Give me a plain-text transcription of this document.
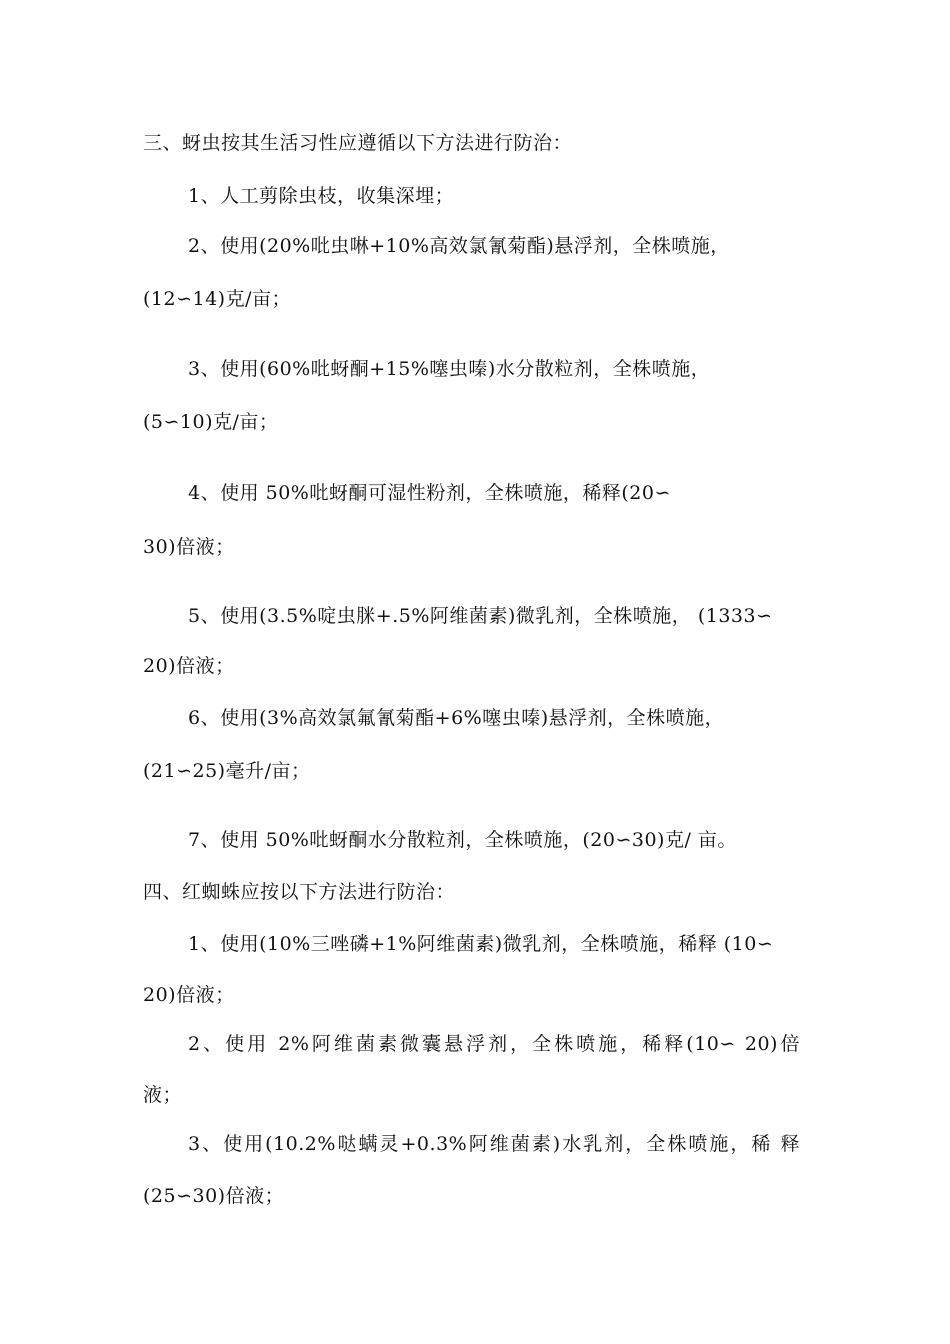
三、蚜虫按其生活习性应遵循以下方法进行防治：
1、人工剪除虫枝，收集深埋；
2、使用(20%吡虫啉+10%高效氯氰菊酯)悬浮剂，全株喷施，
(12∽14)克/亩；
3、使用(60%吡蚜酮+15%噻虫嗪)水分散粒剂，全株喷施，
(5∽10)克/亩；
4、使用 50%吡蚜酮可湿性粉剂，全株喷施，稀释(20∽
30)倍液；
5、使用(3.5%啶虫脒+.5%阿维菌素)微乳剂，全株喷施， (1333∽
20)倍液；
6、使用(3%高效氯氟氰菊酯+6%噻虫嗪)悬浮剂，全株喷施，
(21∽25)毫升/亩；
7、使用 50%吡蚜酮水分散粒剂，全株喷施，(20∽30)克/ 亩。
四、红蜘蛛应按以下方法进行防治：
1、使用(10%三唑磷+1%阿维菌素)微乳剂，全株喷施，稀释 (10∽
20)倍液；
2、使用 2%阿维菌素微囊悬浮剂，全株喷施，稀释(10∽ 20)倍
液；
3、使用(10.2%哒螨灵+0.3%阿维菌素)水乳剂，全株喷施，稀 释
(25∽30)倍液；
